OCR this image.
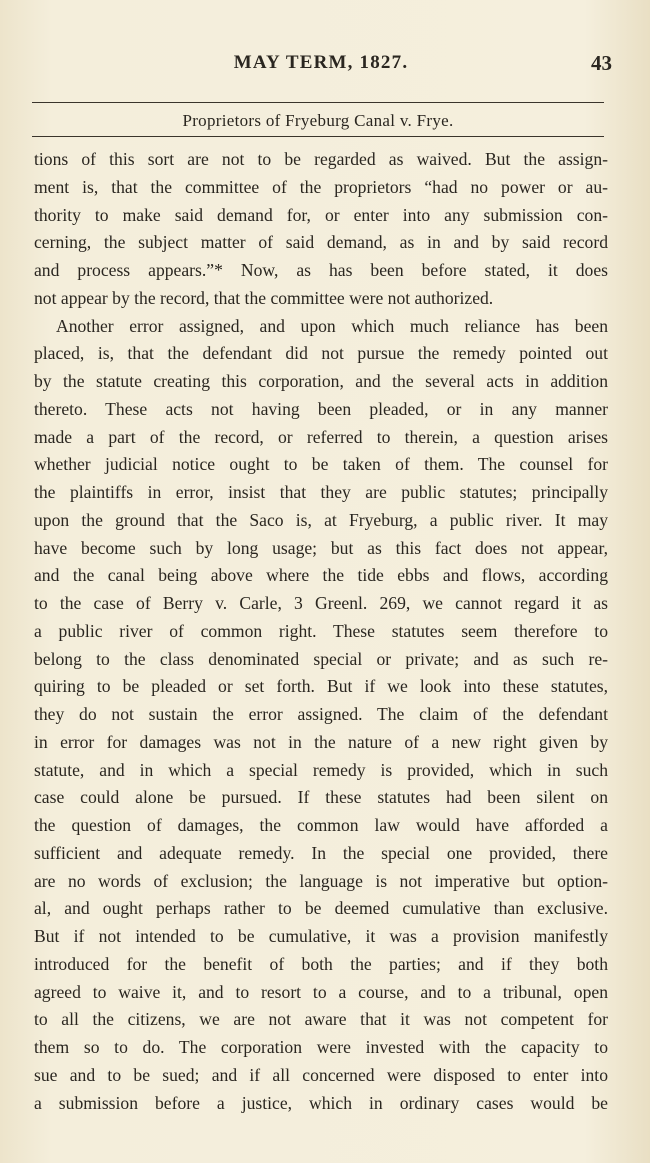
MAY TERM, 1827.	43
Proprietors of Fryeburg Canal v. Frye.
tions of this sort are not to be regarded as waived. But the assign-
ment is, that the committee of the proprietors “had no power or au-
thority to make said demand for, or enter into any submission con-
cerning, the subject matter of said demand, as in and by said record
and process appears.”* Now, as has been before stated, it does
not appear by the record, that the committee were not authorized.
Another error assigned, and upon which much reliance has been
placed, is, that the defendant did not pursue the remedy pointed out
by the statute creating this corporation, and the several acts in addition
thereto. These acts not having been pleaded, or in any manner
made a part of the record, or referred to therein, a question arises
whether judicial notice ought to be taken of them. The counsel for
the plaintiffs in error, insist that they are public statutes; principally
upon the ground that the Saco is, at Fryeburg, a public river. It may
have become such by long usage; but as this fact does not appear,
and the canal being above where the tide ebbs and flows, according
to the case of Berry v. Carle, 3 Greenl. 269, we cannot regard it as
a public river of common right. These statutes seem therefore to
belong to the class denominated special or private; and as such re-
quiring to be pleaded or set forth. But if we look into these statutes,
they do not sustain the error assigned. The claim of the defendant
in error for damages was not in the nature of a new right given by
statute, and in which a special remedy is provided, which in such
case could alone be pursued. If these statutes had been silent on
the question of damages, the common law would have afforded a
sufficient and adequate remedy. In the special one provided, there
are no words of exclusion; the language is not imperative but option-
al, and ought perhaps rather to be deemed cumulative than exclusive.
But if not intended to be cumulative, it was a provision manifestly
introduced for the benefit of both the parties; and if they both
agreed to waive it, and to resort to a course, and to a tribunal, open
to all the citizens, we are not aware that it was not competent for
them so to do. The corporation were invested with the capacity to
sue and to be sued; and if all concerned were disposed to enter into
a submission before a justice, which in ordinary cases would be
